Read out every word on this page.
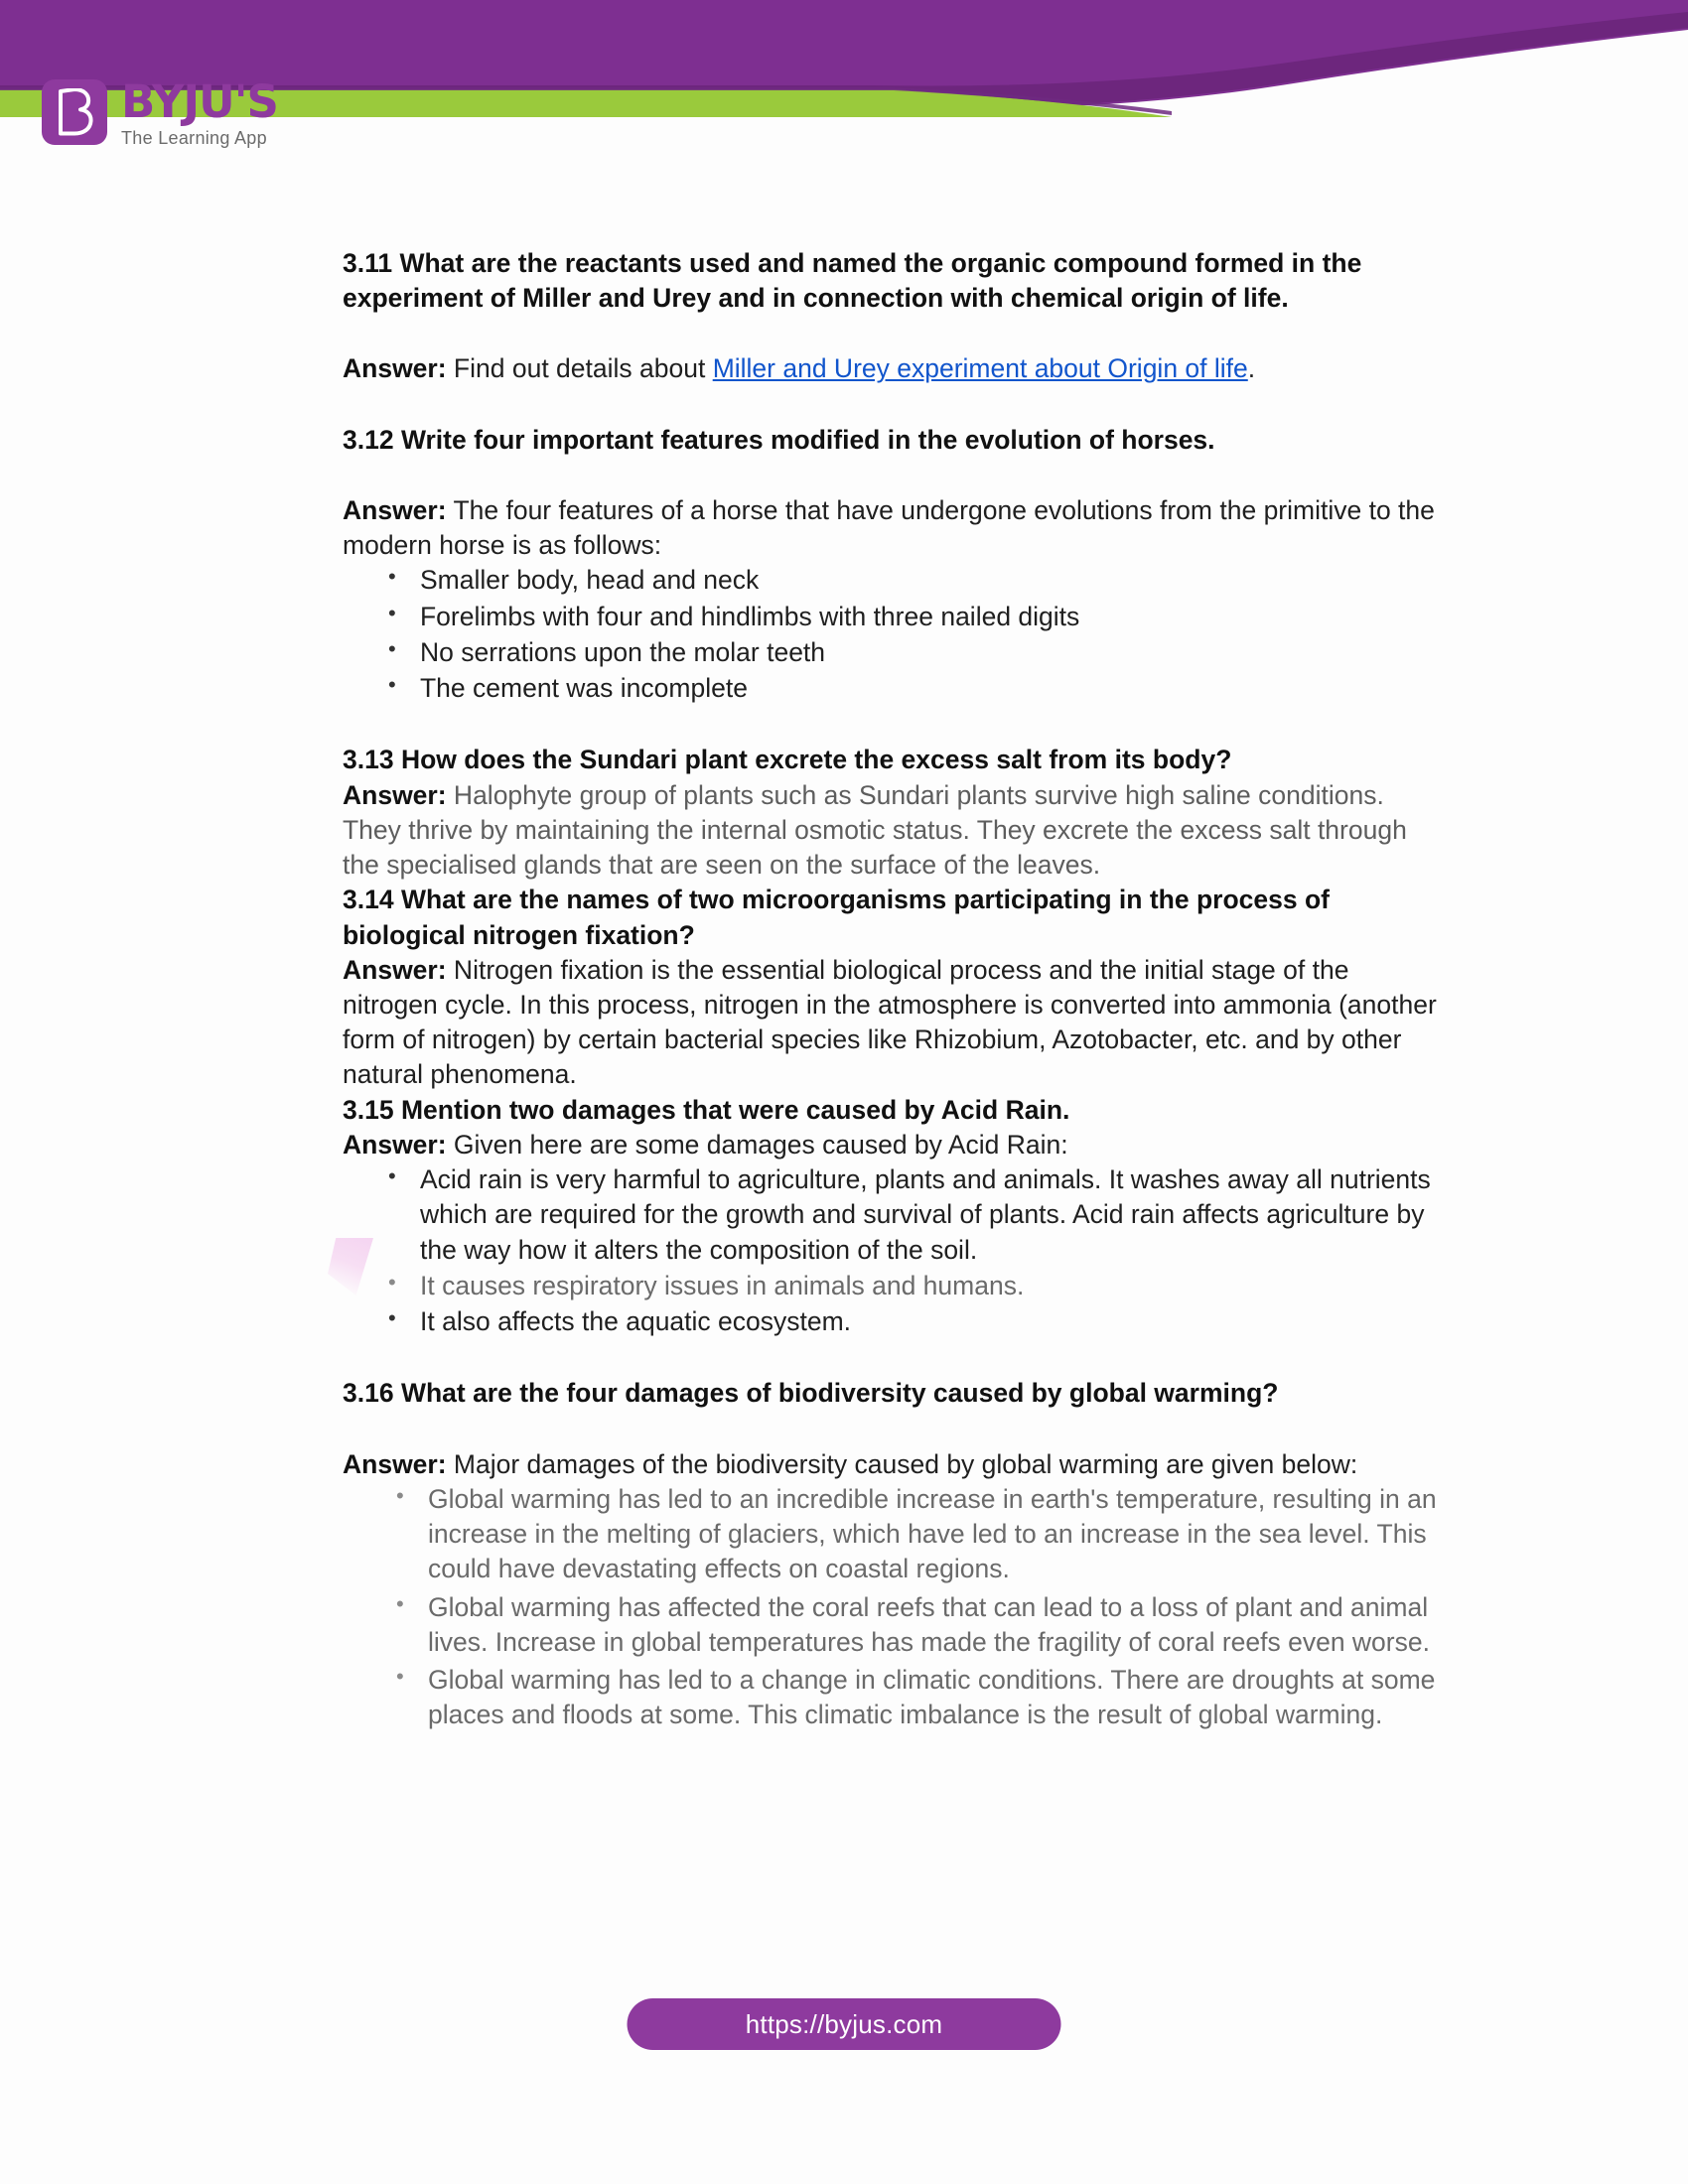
BYJU'S
The Learning App

3.11 What are the reactants used and named the organic compound formed in the experiment of Miller and Urey and in connection with chemical origin of life.

Answer: Find out details about Miller and Urey experiment about Origin of life.

3.12 Write four important features modified in the evolution of horses.

Answer: The four features of a horse that have undergone evolutions from the primitive to the modern horse is as follows:

• Smaller body, head and neck
• Forelimbs with four and hindlimbs with three nailed digits
• No serrations upon the molar teeth
• The cement was incomplete

3.13 How does the Sundari plant excrete the excess salt from its body?

Answer: Halophyte group of plants such as Sundari plants survive high saline conditions. They thrive by maintaining the internal osmotic status. They excrete the excess salt through the specialised glands that are seen on the surface of the leaves.

3.14 What are the names of two microorganisms participating in the process of biological nitrogen fixation?

Answer: Nitrogen fixation is the essential biological process and the initial stage of the nitrogen cycle. In this process, nitrogen in the atmosphere is converted into ammonia (another form of nitrogen) by certain bacterial species like Rhizobium, Azotobacter, etc. and by other natural phenomena.

3.15 Mention two damages that were caused by Acid Rain.

Answer: Given here are some damages caused by Acid Rain:

• Acid rain is very harmful to agriculture, plants and animals. It washes away all nutrients which are required for the growth and survival of plants. Acid rain affects agriculture by the way how it alters the composition of the soil.
• It causes respiratory issues in animals and humans.
• It also affects the aquatic ecosystem.

3.16 What are the four damages of biodiversity caused by global warming?

Answer: Major damages of the biodiversity caused by global warming are given below:

• Global warming has led to an incredible increase in earth's temperature, resulting in an increase in the melting of glaciers, which have led to an increase in the sea level. This could have devastating effects on coastal regions.
• Global warming has affected the coral reefs that can lead to a loss of plant and animal lives. Increase in global temperatures has made the fragility of coral reefs even worse.
• Global warming has led to a change in climatic conditions. There are droughts at some places and floods at some. This climatic imbalance is the result of global warming.
https://byjus.com
